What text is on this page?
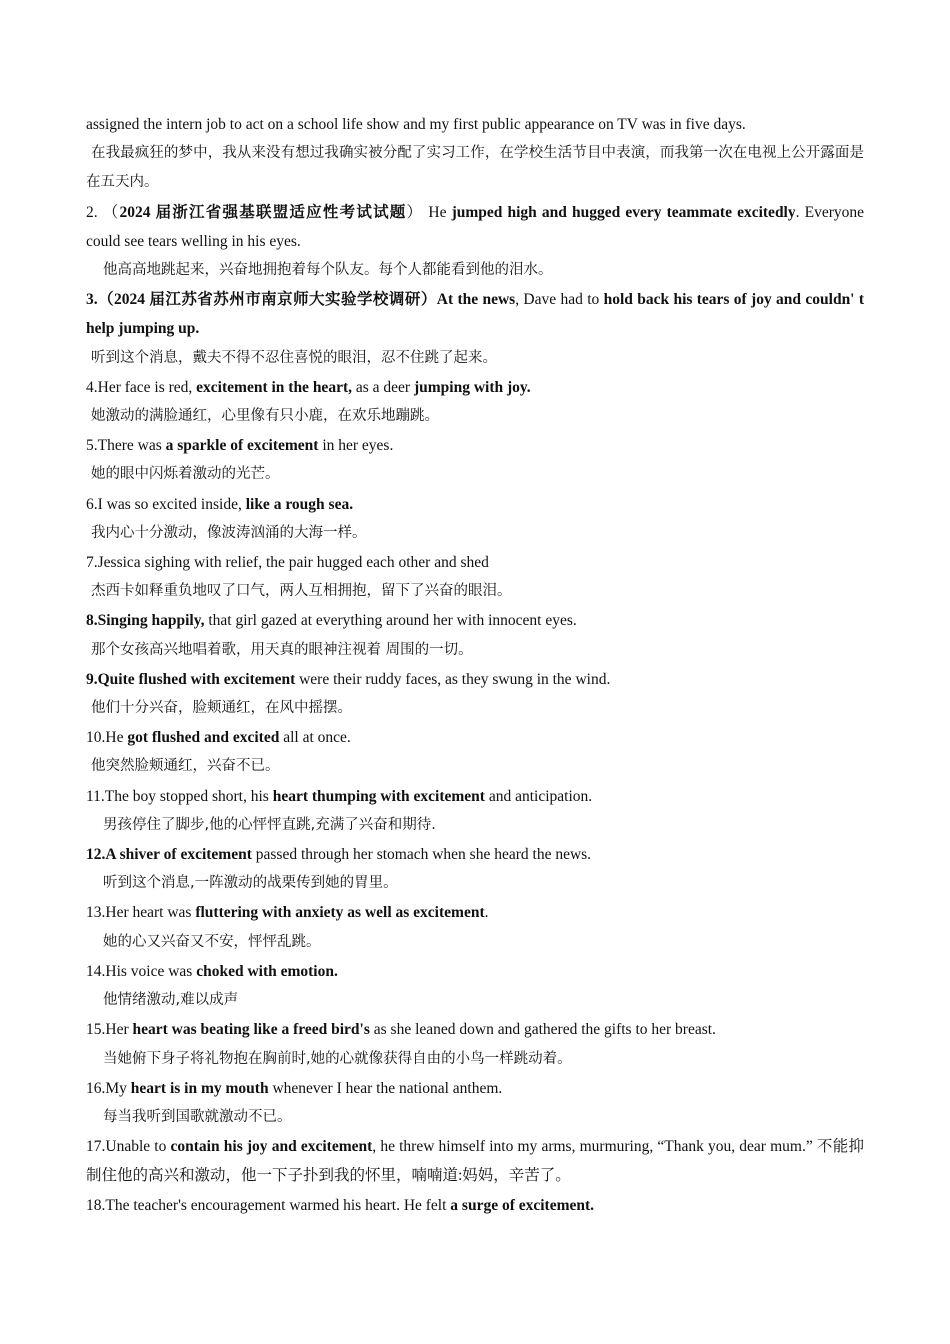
assigned the intern job to act on a school life show and my first public appearance on TV was in five days.

在我最疯狂的梦中，我从来没有想过我确实被分配了实习工作，在学校生活节目中表演，而我第一次在电视上公开露面是在五天内。

2. （2024 届浙江省强基联盟适应性考试试题） He jumped high and hugged every teammate excitedly. Everyone could see tears welling in his eyes.

他高高地跳起来，兴奋地拥抱着每个队友。每个人都能看到他的泪水。

3.（2024 届江苏省苏州市南京师大实验学校调研）At the news, Dave had to hold back his tears of joy and couldn' t help jumping up.

听到这个消息，戴夫不得不忍住喜悦的眼泪，忍不住跳了起来。

4.Her face is red, excitement in the heart, as a deer jumping with joy.

她激动的满脸通红，心里像有只小鹿，在欢乐地蹦跳。

5.There was a sparkle of excitement in her eyes.

她的眼中闪烁着激动的光芒。

6.I was so excited inside, like a rough sea.

我内心十分激动，像波涛汹涌的大海一样。

7.Jessica sighing with relief, the pair hugged each other and shed

杰西卡如释重负地叹了口气，两人互相拥抱，留下了兴奋的眼泪。

8.Singing happily, that girl gazed at everything around her with innocent eyes.

那个女孩高兴地唱着歌，用天真的眼神注视着 周围的一切。

9.Quite flushed with excitement were their ruddy faces, as they swung in the wind.

他们十分兴奋，脸颊通红，在风中摇摆。

10.He got flushed and excited all at once.

他突然脸颊通红，兴奋不已。

11.The boy stopped short, his heart thumping with excitement and anticipation.

男孩停住了脚步,他的心怦怦直跳,充满了兴奋和期待.

12.A shiver of excitement passed through her stomach when she heard the news.

听到这个消息,一阵激动的战栗传到她的胃里。

13.Her heart was fluttering with anxiety as well as excitement.

她的心又兴奋又不安，怦怦乱跳。

14.His voice was choked with emotion.

他情绪激动,难以成声

15.Her heart was beating like a freed bird's as she leaned down and gathered the gifts to her breast.

当她俯下身子将礼物抱在胸前时,她的心就像获得自由的小鸟一样跳动着。

16.My heart is in my mouth whenever I hear the national anthem.

每当我听到国歌就激动不已。

17.Unable to contain his joy and excitement, he threw himself into my arms, murmuring, “Thank you, dear mum.” 不能抑制住他的高兴和激动，他一下子扑到我的怀里，喃喃道:妈妈，辛苦了。

18.The teacher's encouragement warmed his heart. He felt a surge of excitement.
